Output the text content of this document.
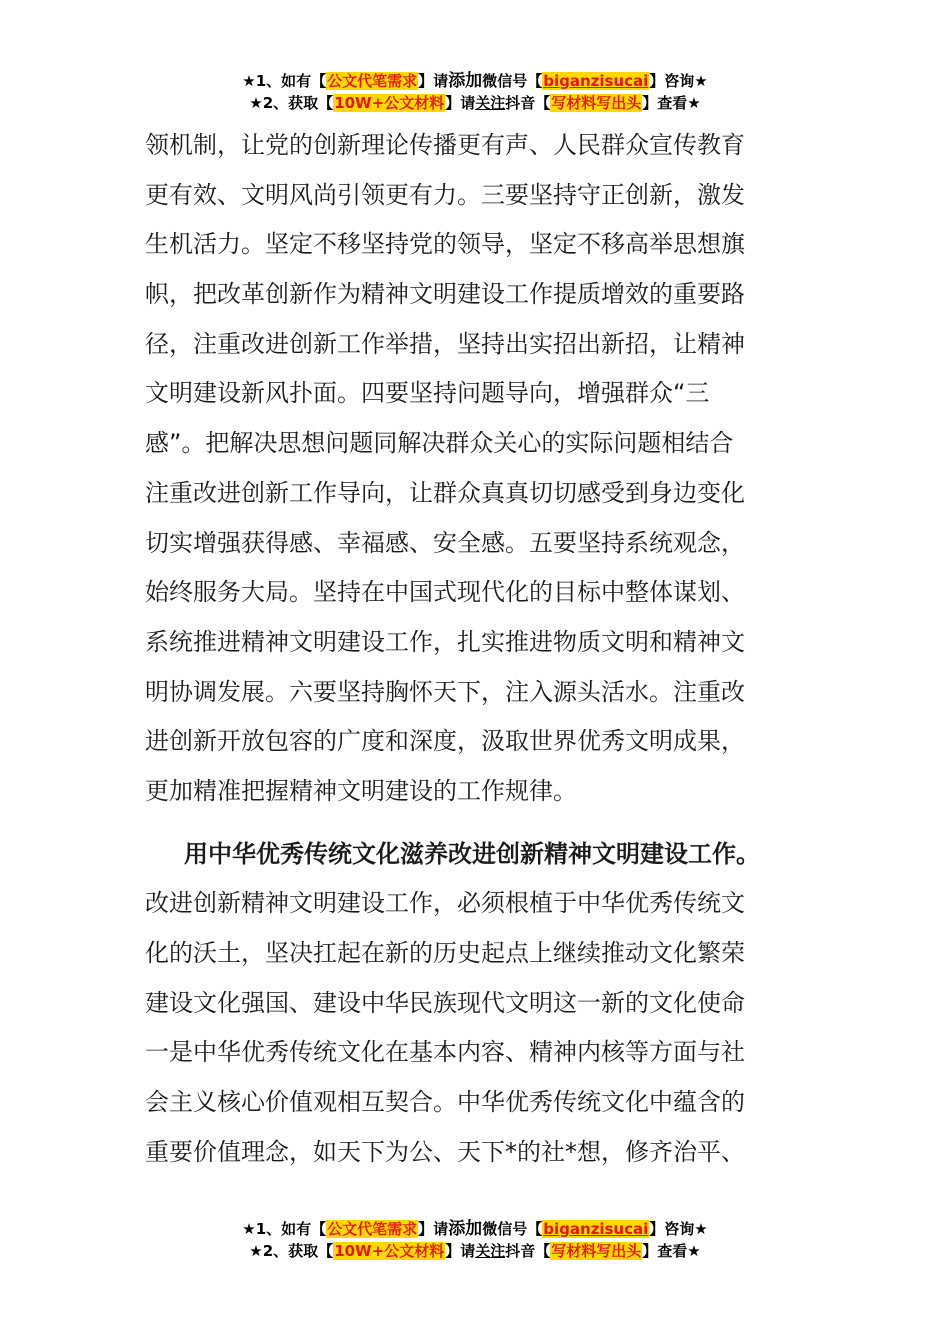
★1、如有【公文代笔需求】请添加微信号【biganzisucai】咨询★
★2、获取【10W+公文材料】请关注抖音【写材料写出头】查看★
领机制，让党的创新理论传播更有声、人民群众宣传教育
更有效、文明风尚引领更有力。三要坚持守正创新，激发
生机活力。坚定不移坚持党的领导，坚定不移高举思想旗
帜，把改革创新作为精神文明建设工作提质增效的重要路
径，注重改进创新工作举措，坚持出实招出新招，让精神
文明建设新风扑面。四要坚持问题导向，增强群众“三
感”。把解决思想问题同解决群众关心的实际问题相结合
注重改进创新工作导向，让群众真真切切感受到身边变化
切实增强获得感、幸福感、安全感。五要坚持系统观念，
始终服务大局。坚持在中国式现代化的目标中整体谋划、
系统推进精神文明建设工作，扎实推进物质文明和精神文
明协调发展。六要坚持胸怀天下，注入源头活水。注重改
进创新开放包容的广度和深度，汲取世界优秀文明成果，
更加精准把握精神文明建设的工作规律。
用中华优秀传统文化滋养改进创新精神文明建设工作。
改进创新精神文明建设工作，必须根植于中华优秀传统文
化的沃土，坚决扛起在新的历史起点上继续推动文化繁荣
建设文化强国、建设中华民族现代文明这一新的文化使命
一是中华优秀传统文化在基本内容、精神内核等方面与社
会主义核心价值观相互契合。中华优秀传统文化中蕴含的
重要价值理念，如天下为公、天下*的社*想，修齐治平、
★1、如有【公文代笔需求】请添加微信号【biganzisucai】咨询★
★2、获取【10W+公文材料】请关注抖音【写材料写出头】查看★
